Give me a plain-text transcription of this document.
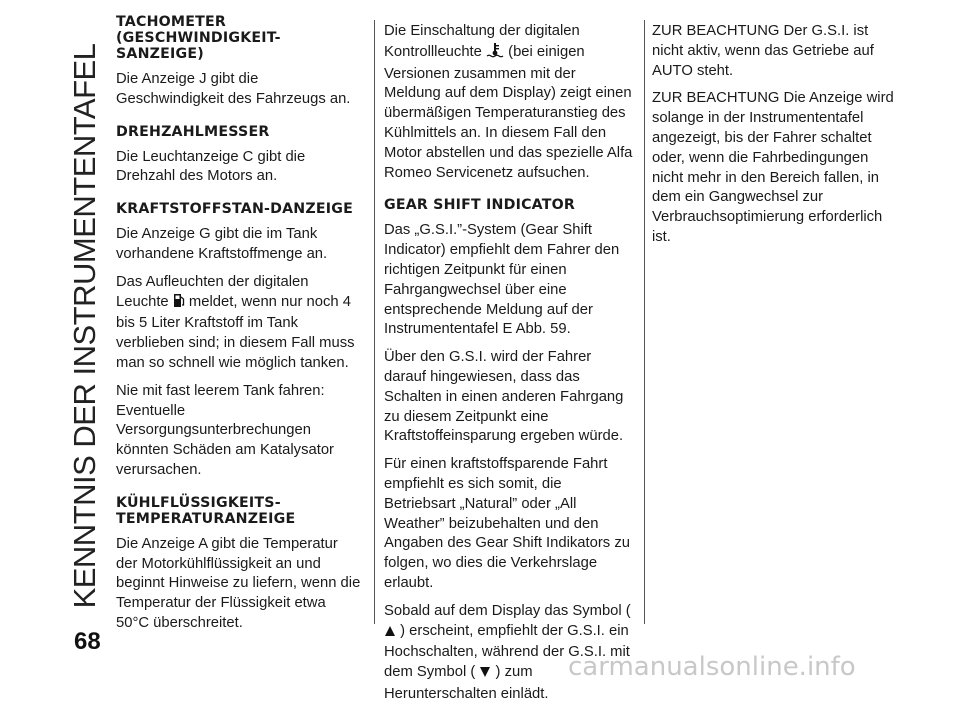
KENNTNIS DER INSTRUMENTENTAFEL
TACHOMETER (GESCHWINDIGKEIT-SANZEIGE)

Die Anzeige J gibt die Geschwindigkeit des Fahrzeugs an.

DREHZAHLMESSER

Die Leuchtanzeige C gibt die Drehzahl des Motors an.

KRAFTSTOFFSTAN-DANZEIGE

Die Anzeige G gibt die im Tank vorhandene Kraftstoffmenge an.

Das Aufleuchten der digitalen Leuchte meldet, wenn nur noch 4 bis 5 Liter Kraftstoff im Tank verblieben sind; in diesem Fall muss man so schnell wie möglich tanken.

Nie mit fast leerem Tank fahren: Eventuelle Versorgungsunterbrechungen könnten Schäden am Katalysator verursachen.

KÜHLFLÜSSIGKEITS-TEMPERATURANZEIGE

Die Anzeige A gibt die Temperatur der Motorkühlflüssigkeit an und beginnt Hinweise zu liefern, wenn die Temperatur der Flüssigkeit etwa 50°C überschreitet.

Die Einschaltung der digitalen Kontrollleuchte (bei einigen Versionen zusammen mit der Meldung auf dem Display) zeigt einen übermäßigen Temperaturanstieg des Kühlmittels an. In diesem Fall den Motor abstellen und das spezielle Alfa Romeo Servicenetz aufsuchen.

GEAR SHIFT INDICATOR

Das „G.S.I.”-System (Gear Shift Indicator) empfiehlt dem Fahrer den richtigen Zeitpunkt für einen Fahrgangwechsel über eine entsprechende Meldung auf der Instrumententafel E Abb. 59.

Über den G.S.I. wird der Fahrer darauf hingewiesen, dass das Schalten in einen anderen Fahrgang zu diesem Zeitpunkt eine Kraftstoffeinsparung ergeben würde.

Für einen kraftstoffsparende Fahrt empfiehlt es sich somit, die Betriebsart „Natural” oder „All Weather” beizubehalten und den Angaben des Gear Shift Indikators zu folgen, wo dies die Verkehrslage erlaubt.

Sobald auf dem Display das Symbol (  ) erscheint, empfiehlt der G.S.I. ein Hochschalten, während der G.S.I. mit dem Symbol ( ) zum Herunterschalten einlädt.

ZUR BEACHTUNG Der G.S.I. ist nicht aktiv, wenn das Getriebe auf AUTO steht.

ZUR BEACHTUNG Die Anzeige wird solange in der Instrumententafel angezeigt, bis der Fahrer schaltet oder, wenn die Fahrbedingungen nicht mehr in den Bereich fallen, in dem ein Gangwechsel zur Verbrauchsoptimierung erforderlich ist.

68
carmanualsonline.info
